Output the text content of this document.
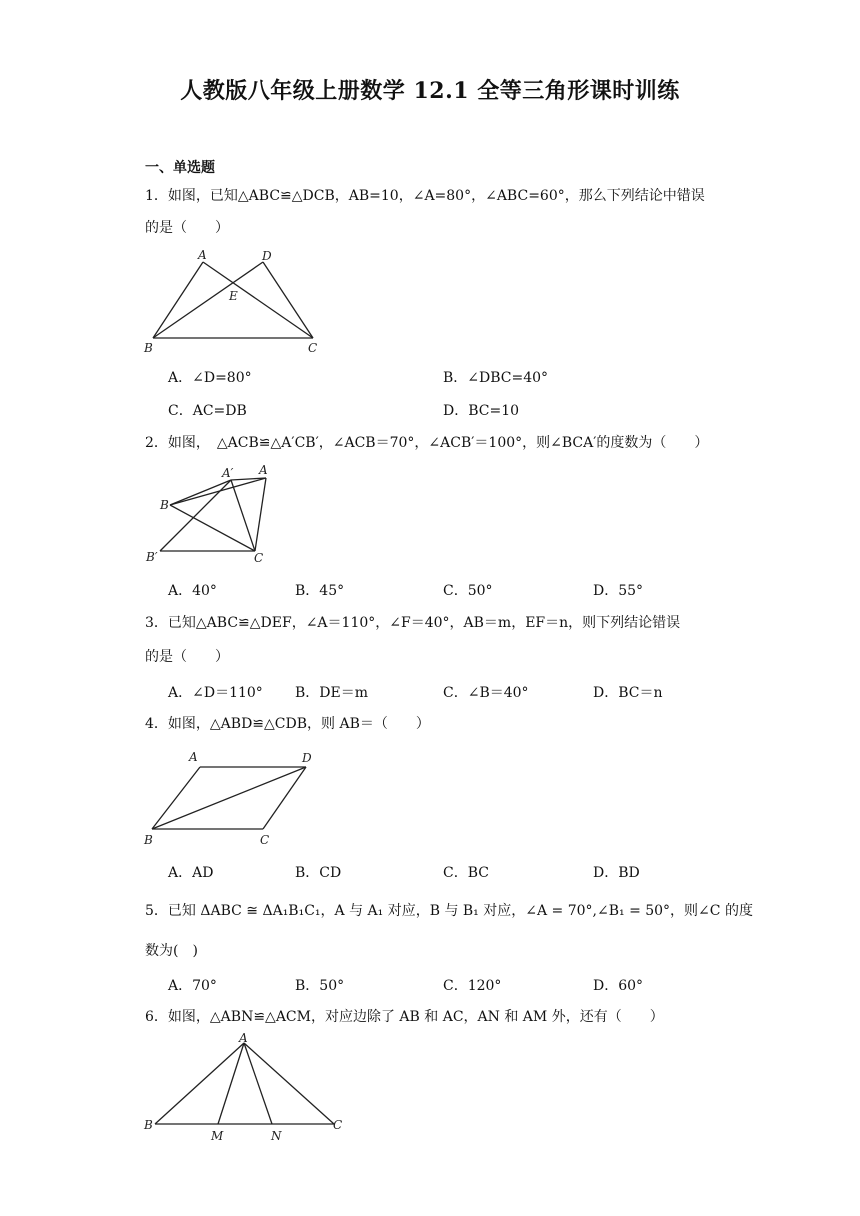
人教版八年级上册数学 12.1 全等三角形课时训练
一、单选题
1．如图，已知△ABC≌△DCB，AB=10，∠A=80°，∠ABC=60°，那么下列结论中错误
的是（　　）
A	D
E
B	C
A．∠D=80°	B．∠DBC=40°
C．AC=DB	D．BC=10
2．如图，　△ACB≌△A′CB′，∠ACB＝70°，∠ACB′＝100°，则∠BCA′的度数为（　　）
A′ A
B
B′	C
A．40°	B．45°	C．50°	D．55°
3．已知△ABC≌△DEF，∠A＝110°，∠F＝40°，AB＝m，EF＝n，则下列结论错误
的是（　　）
A．∠D＝110° B．DE＝m	C．∠B＝40°	D．BC＝n
4．如图，△ABD≌△CDB，则 AB＝（　　）
A	D
B	C
A．AD	B．CD	C．BC	D．BD
5．已知 ΔABC ≅ ΔA₁B₁C₁，A 与 A₁ 对应，B 与 B₁ 对应，∠A = 70°,∠B₁ = 50°，则∠C 的度
数为(　)
A．70°	B．50°	C．120°	D．60°
6．如图，△ABN≌△ACM，对应边除了 AB 和 AC，AN 和 AM 外，还有（　　）
A
B
M	N
C
